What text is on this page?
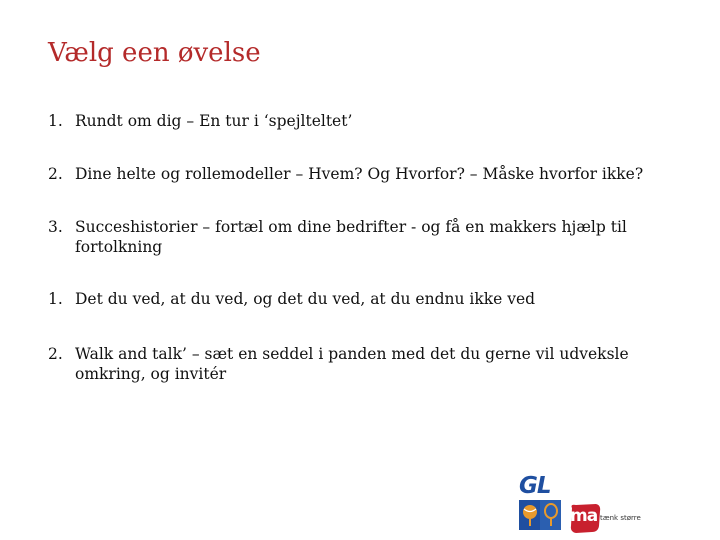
Vælg een øvelse
1. Rundt om dig – En tur i ‘spejlteltet’
2. Dine helte og rollemodeller – Hvem? Og Hvorfor? – Måske hvorfor ikke?
3. Succeshistorier – fortæl om dine bedrifter - og få en makkers hjælp til fortolkning
1. Det du ved, at du ved, og det du ved, at du endnu ikke ved
2. Walk and talk’ – sæt en seddel i panden med det du gerne vil udveksle omkring, og invitér
GL
ma tænk større
